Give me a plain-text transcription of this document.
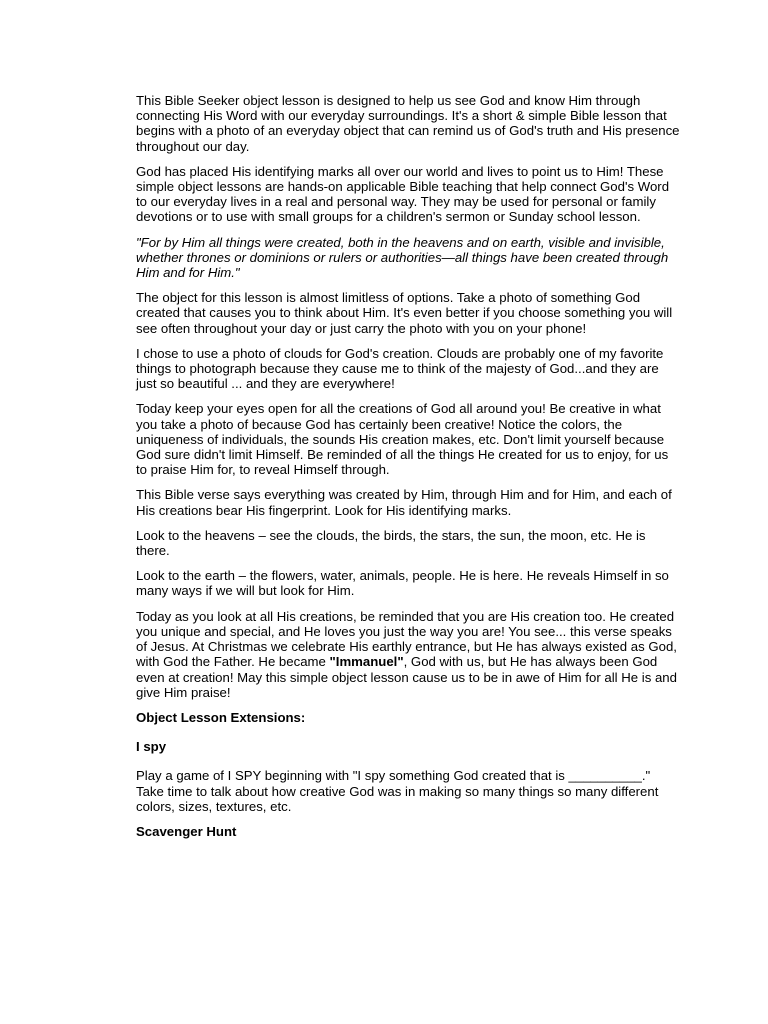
This Bible Seeker object lesson is designed to help us see God and know Him through connecting His Word with our everyday surroundings. It's a short & simple Bible lesson that begins with a photo of an everyday object that can remind us of God's truth and His presence throughout our day.

God has placed His identifying marks all over our world and lives to point us to Him! These simple object lessons are hands-on applicable Bible teaching that help connect God's Word to our everyday lives in a real and personal way. They may be used for personal or family devotions or to use with small groups for a children's sermon or Sunday school lesson.

"For by Him all things were created, both in the heavens and on earth, visible and invisible, whether thrones or dominions or rulers or authorities—all things have been created through Him and for Him."

The object for this lesson is almost limitless of options. Take a photo of something God created that causes you to think about Him. It's even better if you choose something you will see often throughout your day or just carry the photo with you on your phone!

I chose to use a photo of clouds for God's creation. Clouds are probably one of my favorite things to photograph because they cause me to think of the majesty of God...and they are just so beautiful ... and they are everywhere!

Today keep your eyes open for all the creations of God all around you! Be creative in what you take a photo of because God has certainly been creative! Notice the colors, the uniqueness of individuals, the sounds His creation makes, etc. Don't limit yourself because God sure didn't limit Himself. Be reminded of all the things He created for us to enjoy, for us to praise Him for, to reveal Himself through.

This Bible verse says everything was created by Him, through Him and for Him, and each of His creations bear His fingerprint. Look for His identifying marks.

Look to the heavens – see the clouds, the birds, the stars, the sun, the moon, etc. He is there.

Look to the earth – the flowers, water, animals, people. He is here. He reveals Himself in so many ways if we will but look for Him.

Today as you look at all His creations, be reminded that you are His creation too. He created you unique and special, and He loves you just the way you are! You see... this verse speaks of Jesus. At Christmas we celebrate His earthly entrance, but He has always existed as God, with God the Father. He became "Immanuel", God with us, but He has always been God even at creation! May this simple object lesson cause us to be in awe of Him for all He is and give Him praise!

Object Lesson Extensions:

I spy

Play a game of I SPY beginning with "I spy something God created that is __________." Take time to talk about how creative God was in making so many things so many different colors, sizes, textures, etc.

Scavenger Hunt
